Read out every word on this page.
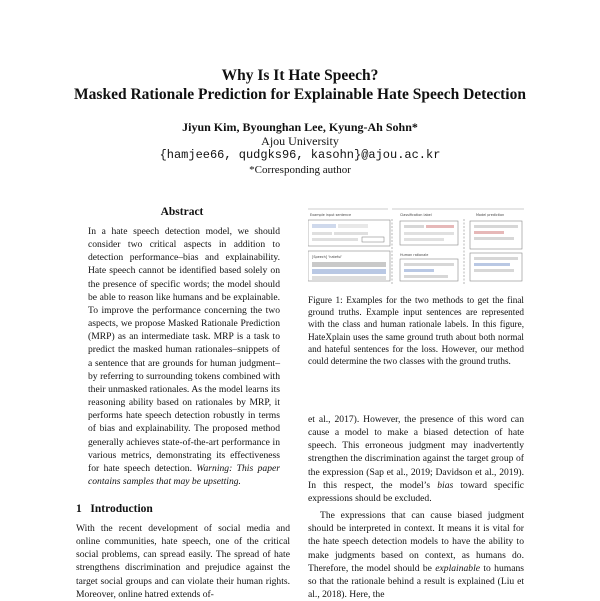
Why Is It Hate Speech?
Masked Rationale Prediction for Explainable Hate Speech Detection
Jiyun Kim, Byounghan Lee, Kyung-Ah Sohn*
Ajou University
{hamjee66, qudgks96, kasohn}@ajou.ac.kr
*Corresponding author
Abstract

In a hate speech detection model, we should consider two critical aspects in addition to detection performance–bias and explainability. Hate speech cannot be identified based solely on the presence of specific words; the model should be able to reason like humans and be explainable. To improve the performance concerning the two aspects, we propose Masked Rationale Prediction (MRP) as an intermediate task. MRP is a task to predict the masked human rationales–snippets of a sentence that are grounds for human judgment–by referring to surrounding tokens combined with their unmasked rationales. As the model learns its reasoning ability based on rationales by MRP, it performs hate speech detection robustly in terms of bias and explainability. The proposed method generally achieves state-of-the-art performance in various metrics, demonstrating its effectiveness for hate speech detection. Warning: This paper contains samples that may be upsetting.

1 Introduction
With the recent development of social media and online communities, hate speech, one of the critical social problems, can spread easily. The spread of hate strengthens discrimination and prejudice against the target social groups and can violate their human rights. Moreover, online hatred extends of-
Example input sentence	Classification label	Model prediction
[Speech] ‘hateful’	Human rationale
Figure 1: Examples for the two methods to get the final ground truths. Example input sentences are represented with the class and human rationale labels. In this figure, HateXplain uses the same ground truth about both normal and hateful sentences for the loss. However, our method could determine the two classes with the ground truths.

et al., 2017). However, the presence of this word can cause a model to make a biased detection of hate speech. This erroneous judgment may inadvertently strengthen the discrimination against the target group of the expression (Sap et al., 2019; Davidson et al., 2019). In this respect, the model’s bias toward specific expressions should be excluded.

The expressions that can cause biased judgment should be interpreted in context. It means it is vital for the hate speech detection models to have the ability to make judgments based on context, as humans do. Therefore, the model should be explainable to humans so that the rationale behind a result is explained (Liu et al., 2018). Here, the
